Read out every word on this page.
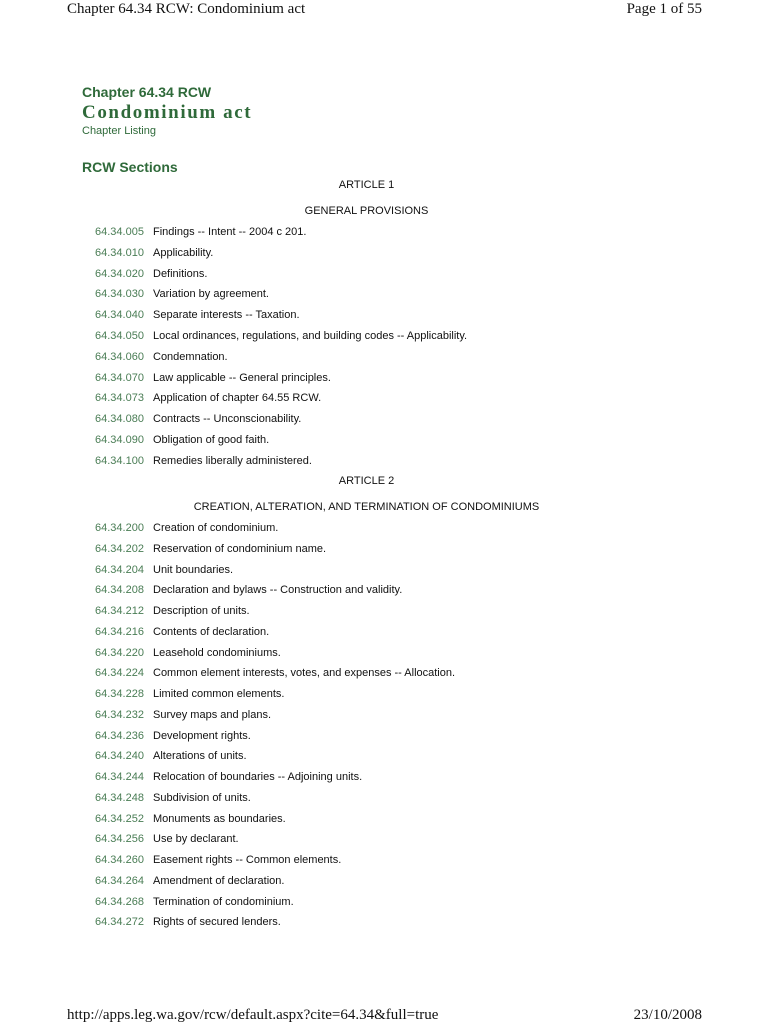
Chapter 64.34 RCW: Condominium act	Page 1 of 55
Chapter 64.34 RCW
Condominium act
Chapter Listing
RCW Sections
ARTICLE 1
GENERAL PROVISIONS
64.34.005 Findings -- Intent -- 2004 c 201.
64.34.010 Applicability.
64.34.020 Definitions.
64.34.030 Variation by agreement.
64.34.040 Separate interests -- Taxation.
64.34.050 Local ordinances, regulations, and building codes -- Applicability.
64.34.060 Condemnation.
64.34.070 Law applicable -- General principles.
64.34.073 Application of chapter 64.55 RCW.
64.34.080 Contracts -- Unconscionability.
64.34.090 Obligation of good faith.
64.34.100 Remedies liberally administered.
ARTICLE 2
CREATION, ALTERATION, AND TERMINATION OF CONDOMINIUMS
64.34.200 Creation of condominium.
64.34.202 Reservation of condominium name.
64.34.204 Unit boundaries.
64.34.208 Declaration and bylaws -- Construction and validity.
64.34.212 Description of units.
64.34.216 Contents of declaration.
64.34.220 Leasehold condominiums.
64.34.224 Common element interests, votes, and expenses -- Allocation.
64.34.228 Limited common elements.
64.34.232 Survey maps and plans.
64.34.236 Development rights.
64.34.240 Alterations of units.
64.34.244 Relocation of boundaries -- Adjoining units.
64.34.248 Subdivision of units.
64.34.252 Monuments as boundaries.
64.34.256 Use by declarant.
64.34.260 Easement rights -- Common elements.
64.34.264 Amendment of declaration.
64.34.268 Termination of condominium.
64.34.272 Rights of secured lenders.
http://apps.leg.wa.gov/rcw/default.aspx?cite=64.34&full=true	23/10/2008
